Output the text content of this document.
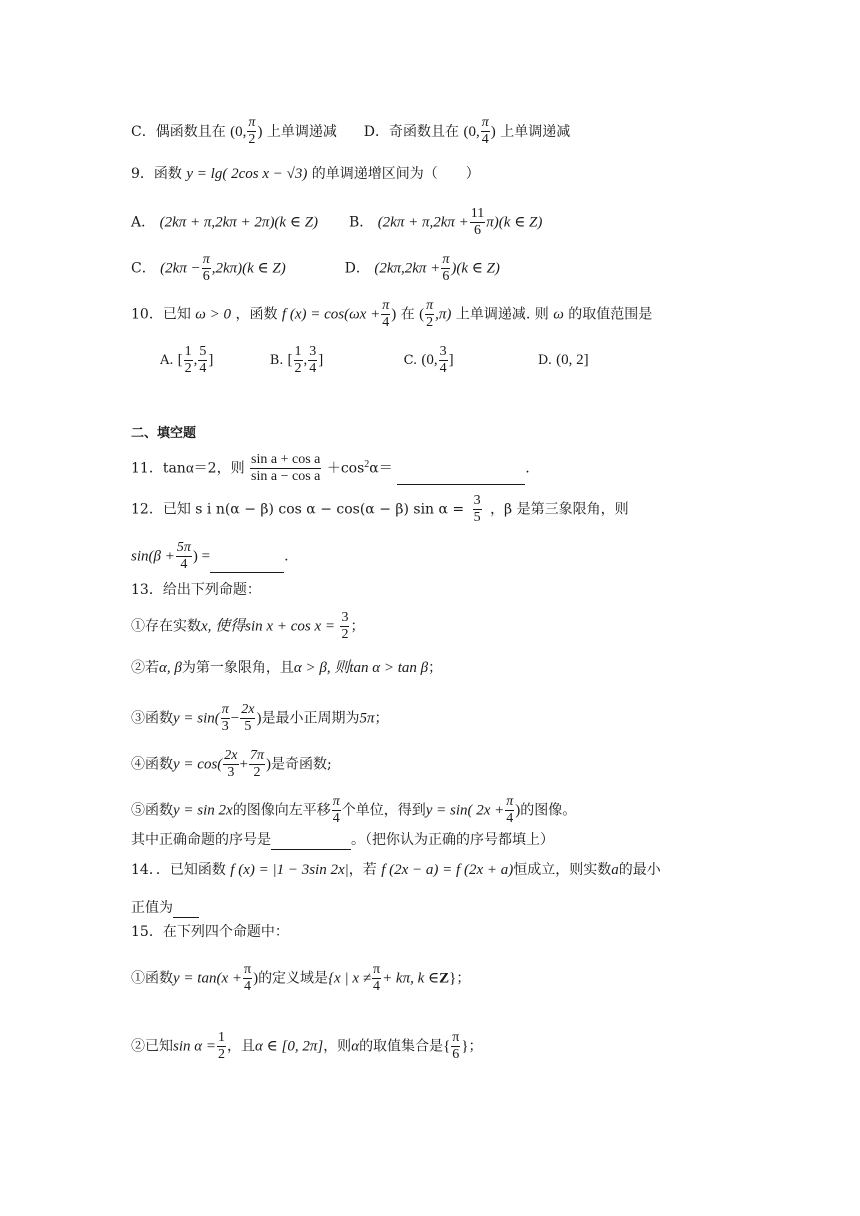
C．偶函数且在 (0, $\frac{\pi}{2}$ ) 上单调递减 D．奇函数且在 (0, $\frac{\pi}{4}$ ) 上单调递减
9．函数 y = lg( 2cos x − √3) 的单调递增区间为（　　）
A． (2kπ + π,2kπ + 2π)(k ∈ Z) B． $(2k\pi + \pi,2k\pi + \frac{11}{6} \pi)(k$ ∈ Z)
C． $(2k\pi - \frac{\pi}{6} ,2k\pi)(k$ ∈ Z)	D． $(2k\pi,2k\pi + \frac{\pi}{6} )(k$ ∈ Z)
10．已知 ω > 0 ，函数 f $(x) = \cos(\omega x + \frac{\pi}{4}$ ) 在 ( $\frac{\pi}{2} ,\pi$) 上单调递减. 则 ω 的取值范围是
A. [ $\frac{1}{2}$ , $\frac{5}{4}$ ]	B. [ $\frac{1}{2}$ , $\frac{3}{4}$ ]	C. (0, $\frac{3}{4}$ ]	D. (0, 2]
二、填空题
11．tanα＝2，则 $\frac{\text{sin a + cos a}}{\text{sin a − cos a}} +\cos^2\alpha=$	.
12．已知 s i n(α − β) cos α − cos(α − β) $\sin \alpha = \frac{3}{5}$ ，β 是第三象限角，则
$\sin(\beta + \frac{5\pi}{4}$ ) =	.
13．给出下列命题：
①存在实数x, 使得$\sin x + \cos x = \frac{3}{2}$ ；
②若α, β为第一象限角，且α > β, 则tan α > tan β；
③函数$y = \sin( \frac{\pi}{3} - \frac{2x}{5}$ )是最小正周期为5π；
④函数$y = \cos( \frac{2x}{3} + \frac{7\pi}{2}$ )是奇函数;
⑤函数y = sin 2x的图像向左平移 $\frac{\pi}{4}$ 个单位，得到y = sin( $2x + \frac{\pi}{4}$ )的图像。
其中正确命题的序号是	。（把你认为正确的序号都填上）
14．．已知函数 f (x) = |1 − 3sin 2x|，若 f (2x − a) = f (2x + a)恒成立，则实数a的最小
正值为
15．在下列四个命题中：
①函数$y = \tan(x + \frac{\pi}{4}$ )的定义域是{x | $x \ne \frac{\pi}{4} + k\pi$, k ∈Z}；
②已知$\sin \alpha = \frac{1}{2}$ ，且α ∈ [0, 2π]，则α的取值集合是{ $\frac{\pi}{6}$ }；
